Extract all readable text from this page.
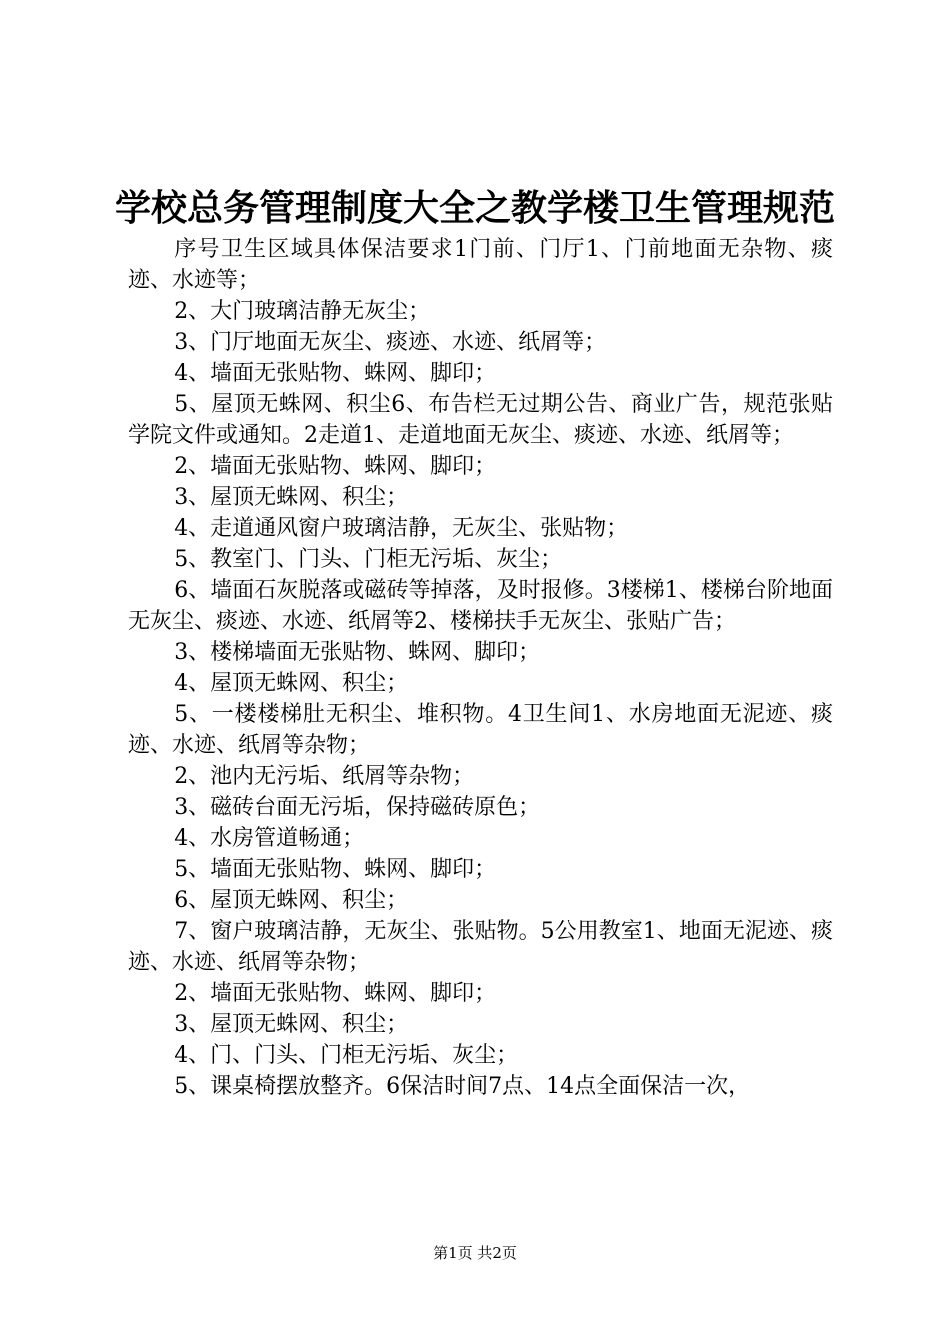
学校总务管理制度大全之教学楼卫生管理规范

序号卫生区域具体保洁要求1门前、门厅1、门前地面无杂物、痰迹、水迹等；

2、大门玻璃洁静无灰尘；

3、门厅地面无灰尘、痰迹、水迹、纸屑等；

4、墙面无张贴物、蛛网、脚印；

5、屋顶无蛛网、积尘6、布告栏无过期公告、商业广告，规范张贴学院文件或通知。2走道1、走道地面无灰尘、痰迹、水迹、纸屑等；

2、墙面无张贴物、蛛网、脚印；

3、屋顶无蛛网、积尘；

4、走道通风窗户玻璃洁静，无灰尘、张贴物；

5、教室门、门头、门柜无污垢、灰尘；

6、墙面石灰脱落或磁砖等掉落，及时报修。3楼梯1、楼梯台阶地面无灰尘、痰迹、水迹、纸屑等2、楼梯扶手无灰尘、张贴广告；

3、楼梯墙面无张贴物、蛛网、脚印；

4、屋顶无蛛网、积尘；

5、一楼楼梯肚无积尘、堆积物。4卫生间1、水房地面无泥迹、痰迹、水迹、纸屑等杂物；

2、池内无污垢、纸屑等杂物；

3、磁砖台面无污垢，保持磁砖原色；

4、水房管道畅通；

5、墙面无张贴物、蛛网、脚印；

6、屋顶无蛛网、积尘；

7、窗户玻璃洁静，无灰尘、张贴物。5公用教室1、地面无泥迹、痰迹、水迹、纸屑等杂物；

2、墙面无张贴物、蛛网、脚印；

3、屋顶无蛛网、积尘；

4、门、门头、门柜无污垢、灰尘；

5、课桌椅摆放整齐。6保洁时间7点、14点全面保洁一次，

第1页 共2页
